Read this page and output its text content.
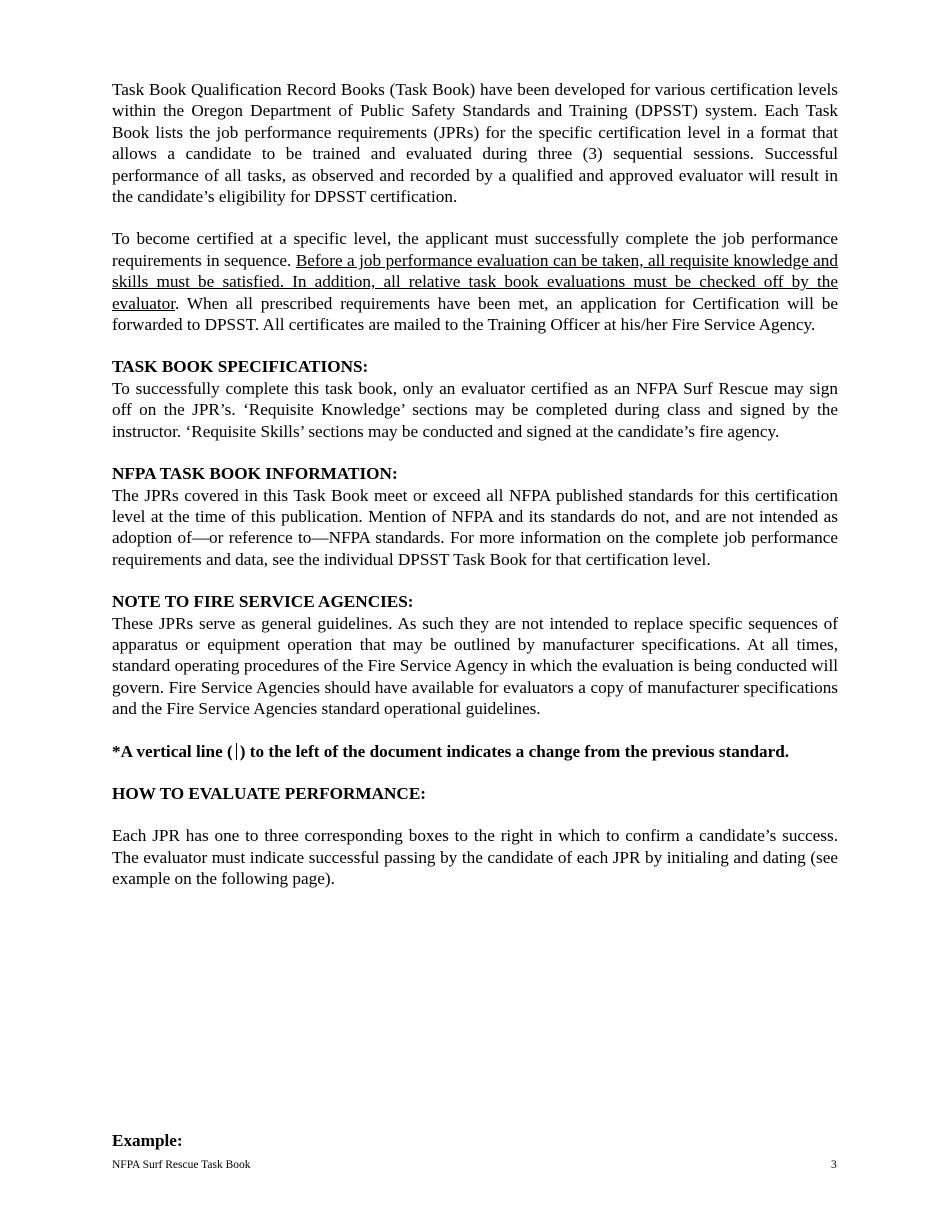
Task Book Qualification Record Books (Task Book) have been developed for various certification levels within the Oregon Department of Public Safety Standards and Training (DPSST) system. Each Task Book lists the job performance requirements (JPRs) for the specific certification level in a format that allows a candidate to be trained and evaluated during three (3) sequential sessions. Successful performance of all tasks, as observed and recorded by a qualified and approved evaluator will result in the candidate’s eligibility for DPSST certification.

To become certified at a specific level, the applicant must successfully complete the job performance requirements in sequence. Before a job performance evaluation can be taken, all requisite knowledge and skills must be satisfied. In addition, all relative task book evaluations must be checked off by the evaluator. When all prescribed requirements have been met, an application for Certification will be forwarded to DPSST. All certificates are mailed to the Training Officer at his/her Fire Service Agency.

TASK BOOK SPECIFICATIONS:

To successfully complete this task book, only an evaluator certified as an NFPA Surf Rescue may sign off on the JPR’s. ‘Requisite Knowledge’ sections may be completed during class and signed by the instructor. ‘Requisite Skills’ sections may be conducted and signed at the candidate’s fire agency.

NFPA TASK BOOK INFORMATION:

The JPRs covered in this Task Book meet or exceed all NFPA published standards for this certification level at the time of this publication. Mention of NFPA and its standards do not, and are not intended as adoption of—or reference to—NFPA standards. For more information on the complete job performance requirements and data, see the individual DPSST Task Book for that certification level.

NOTE TO FIRE SERVICE AGENCIES:

These JPRs serve as general guidelines. As such they are not intended to replace specific sequences of apparatus or equipment operation that may be outlined by manufacturer specifications. At all times, standard operating procedures of the Fire Service Agency in which the evaluation is being conducted will govern. Fire Service Agencies should have available for evaluators a copy of manufacturer specifications and the Fire Service Agencies standard operational guidelines.

*A vertical line ( ) to the left of the document indicates a change from the previous standard.

HOW TO EVALUATE PERFORMANCE:

Each JPR has one to three corresponding boxes to the right in which to confirm a candidate’s success. The evaluator must indicate successful passing by the candidate of each JPR by initialing and dating (see example on the following page).

Example:

NFPA Surf Rescue Task Book	3
